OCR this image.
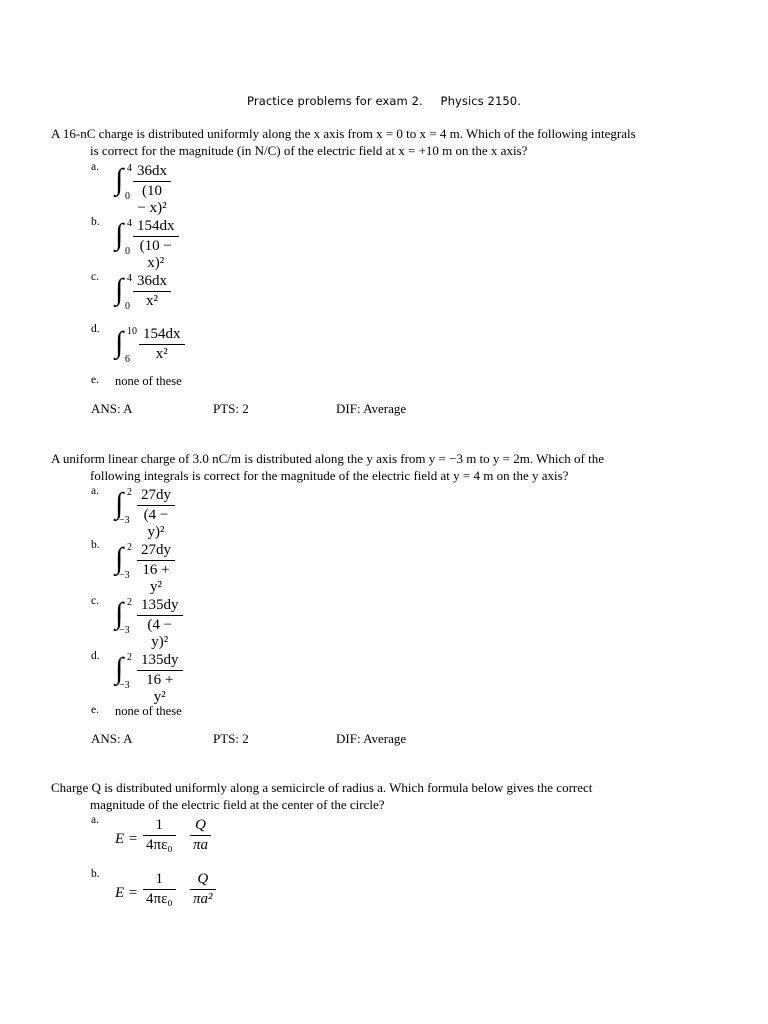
Practice problems for exam 2. Physics 2150.

A 16-nC charge is distributed uniformly along the x axis from x = 0 to x = 4 m. Which of the following integrals
is correct for the magnitude (in N/C) of the electric field at x = +10 m on the x axis?

a. ∫ 4
0
36dx
(10 − x)²
b. ∫ 4
0
154dx
(10 − x)²
c. ∫ 4
0
36dx
x²
d. ∫ 10
6
154dx
x²
e. none of these
ANS: A	PTS: 2	DIF: Average

A uniform linear charge of 3.0 nC/m is distributed along the y axis from y = −3 m to y = 2m. Which of the
following integrals is correct for the magnitude of the electric field at y = 4 m on the y axis?

a. ∫ 2
−3
27dy
(4 − y)²
b. ∫ 2
−3
27dy
16 + y²
c. ∫ 2
−3
135dy
(4 − y)²
d. ∫ 2
−3
135dy
16 + y²
e. none of these
ANS: A	PTS: 2	DIF: Average

Charge Q is distributed uniformly along a semicircle of radius a. Which formula below gives the correct
magnitude of the electric field at the center of the circle?

a.
E =
1
4πε₀
Q
πa
b.
E =
1
4πε₀
Q
πa²
